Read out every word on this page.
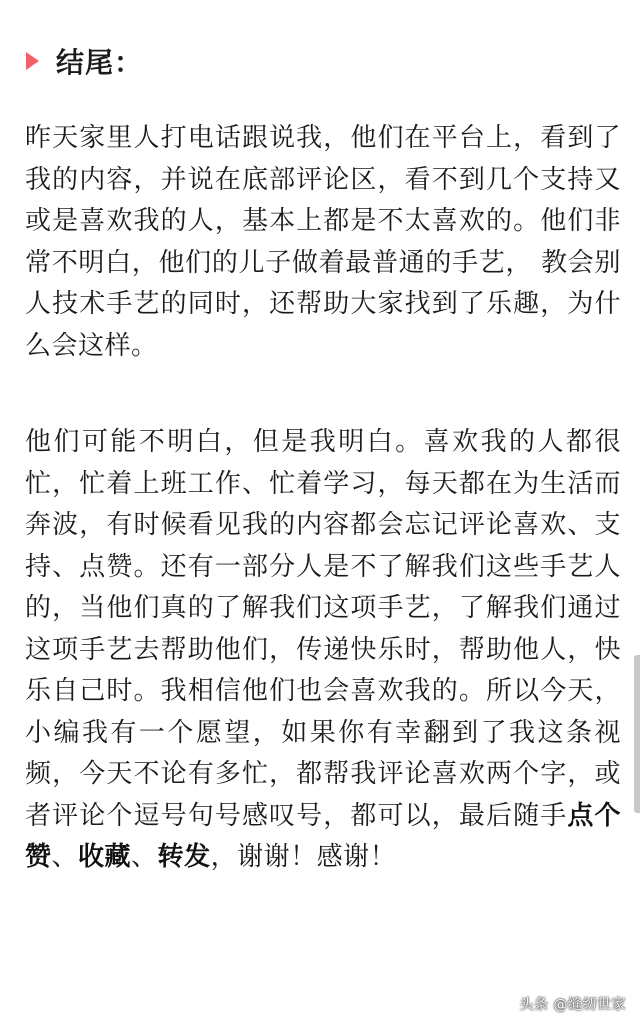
结尾：

昨天家里人打电话跟说我，他们在平台上，看到了我的内容，并说在底部评论区，看不到几个支持又或是喜欢我的人，基本上都是不太喜欢的。他们非常不明白，他们的儿子做着最普通的手艺， 教会别人技术手艺的同时，还帮助大家找到了乐趣，为什么会这样。

他们可能不明白，但是我明白。喜欢我的人都很忙，忙着上班工作、忙着学习，每天都在为生活而奔波，有时候看见我的内容都会忘记评论喜欢、支持、点赞。还有一部分人是不了解我们这些手艺人的，当他们真的了解我们这项手艺，了解我们通过这项手艺去帮助他们，传递快乐时，帮助他人，快乐自己时。我相信他们也会喜欢我的。所以今天，小编我有一个愿望，如果你有幸翻到了我这条视频，今天不论有多忙，都帮我评论喜欢两个字，或者评论个逗号句号感叹号，都可以，最后随手点个赞、收藏、转发，谢谢！感谢！

头条 @缝纫世家
